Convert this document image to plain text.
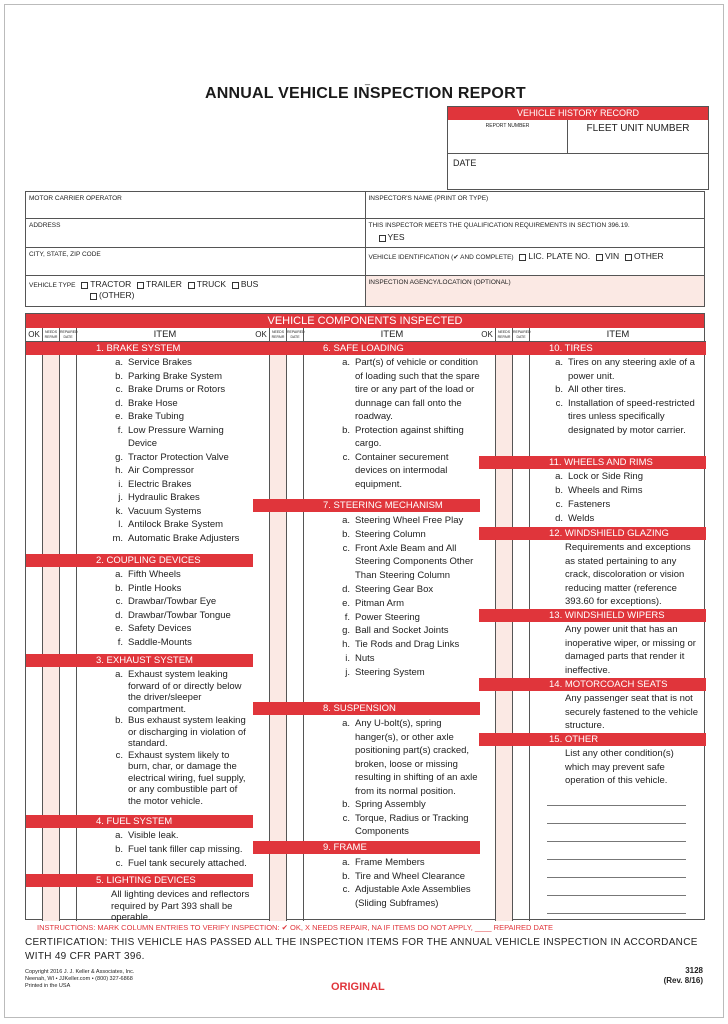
_
ANNUAL VEHICLE INSPECTION REPORT
VEHICLE HISTORY RECORD
REPORT NUMBER	FLEET UNIT NUMBER
DATE
MOTOR CARRIER OPERATOR	INSPECTOR'S NAME (PRINT OR TYPE)
ADDRESS	THIS INSPECTOR MEETS THE QUALIFICATION REQUIREMENTS IN SECTION 396.19.
YES
CITY, STATE, ZIP CODE	VEHICLE IDENTIFICATION (✔ AND COMPLETE) LIC. PLATE NO. VIN OTHER
VEHICLE TYPE TRACTOR TRAILER TRUCK BUS
(OTHER)
INSPECTION AGENCY/LOCATION (OPTIONAL)
VEHICLE COMPONENTS INSPECTED
OK	NEEDS REPAIR
REPAIRED DATE	ITEM
1. BRAKE SYSTEM
a. Service Brakes
b. Parking Brake System
c. Brake Drums or Rotors
d. Brake Hose
e. Brake Tubing
f. Low Pressure Warning Device
g. Tractor Protection Valve
h. Air Compressor
i. Electric Brakes
j. Hydraulic Brakes
k. Vacuum Systems
l. Antilock Brake System
m. Automatic Brake Adjusters
2. COUPLING DEVICES
a. Fifth Wheels
b. Pintle Hooks
c. Drawbar/Towbar Eye
d. Drawbar/Towbar Tongue
e. Safety Devices
f. Saddle-Mounts
3. EXHAUST SYSTEM
a. Exhaust system leaking forward of or directly below the driver/sleeper compartment.
b. Bus exhaust system leaking or discharging in violation of standard.
c. Exhaust system likely to burn, char, or damage the electrical wiring, fuel supply, or any combustible part of the motor vehicle.
4. FUEL SYSTEM
a. Visible leak.
b. Fuel tank filler cap missing.
c. Fuel tank securely attached.
5. LIGHTING DEVICES
All lighting devices and reflectors required by Part 393 shall be operable.
OK	NEEDS REPAIR
REPAIRED DATE	ITEM
6. SAFE LOADING
a. Part(s) of vehicle or condition of loading such that the spare tire or any part of the load or dunnage can fall onto the roadway.
b. Protection against shifting cargo.
c. Container securement devices on intermodal equipment.
7. STEERING MECHANISM
a. Steering Wheel Free Play
b. Steering Column
c. Front Axle Beam and All Steering Components Other Than Steering Column
d. Steering Gear Box
e. Pitman Arm
f. Power Steering
g. Ball and Socket Joints
h. Tie Rods and Drag Links
i. Nuts
j. Steering System
8. SUSPENSION
a. Any U-bolt(s), spring hanger(s), or other axle positioning part(s) cracked, broken, loose or missing resulting in shifting of an axle from its normal position.
b. Spring Assembly
c. Torque, Radius or Tracking Components
9. FRAME
a. Frame Members
b. Tire and Wheel Clearance
c. Adjustable Axle Assemblies (Sliding Subframes)
OK	NEEDS REPAIR
REPAIRED DATE	ITEM
10. TIRES
a. Tires on any steering axle of a power unit.
b. All other tires.
c. Installation of speed-restricted tires unless specifically designated by motor carrier.
11. WHEELS AND RIMS
a. Lock or Side Ring
b. Wheels and Rims
c. Fasteners
d. Welds
12. WINDSHIELD GLAZING
Requirements and exceptions as stated pertaining to any crack, discoloration or vision reducing matter (reference 393.60 for exceptions).
13. WINDSHIELD WIPERS
Any power unit that has an inoperative wiper, or missing or damaged parts that render it ineffective.
14. MOTORCOACH SEATS
Any passenger seat that is not securely fastened to the vehicle structure.
15. OTHER
List any other condition(s) which may prevent safe operation of this vehicle.
INSTRUCTIONS: MARK COLUMN ENTRIES TO VERIFY INSPECTION: ✔ OK, X NEEDS REPAIR, NA IF ITEMS DO NOT APPLY, ____ REPAIRED DATE
CERTIFICATION: THIS VEHICLE HAS PASSED ALL THE INSPECTION ITEMS FOR THE ANNUAL VEHICLE INSPECTION IN ACCORDANCE WITH 49 CFR PART 396.
Copyright 2016 J. J. Keller & Associates, Inc.
Neenah, WI • JJKeller.com • (800) 327-6868
Printed in the USA	ORIGINAL
3128
(Rev. 8/16)
